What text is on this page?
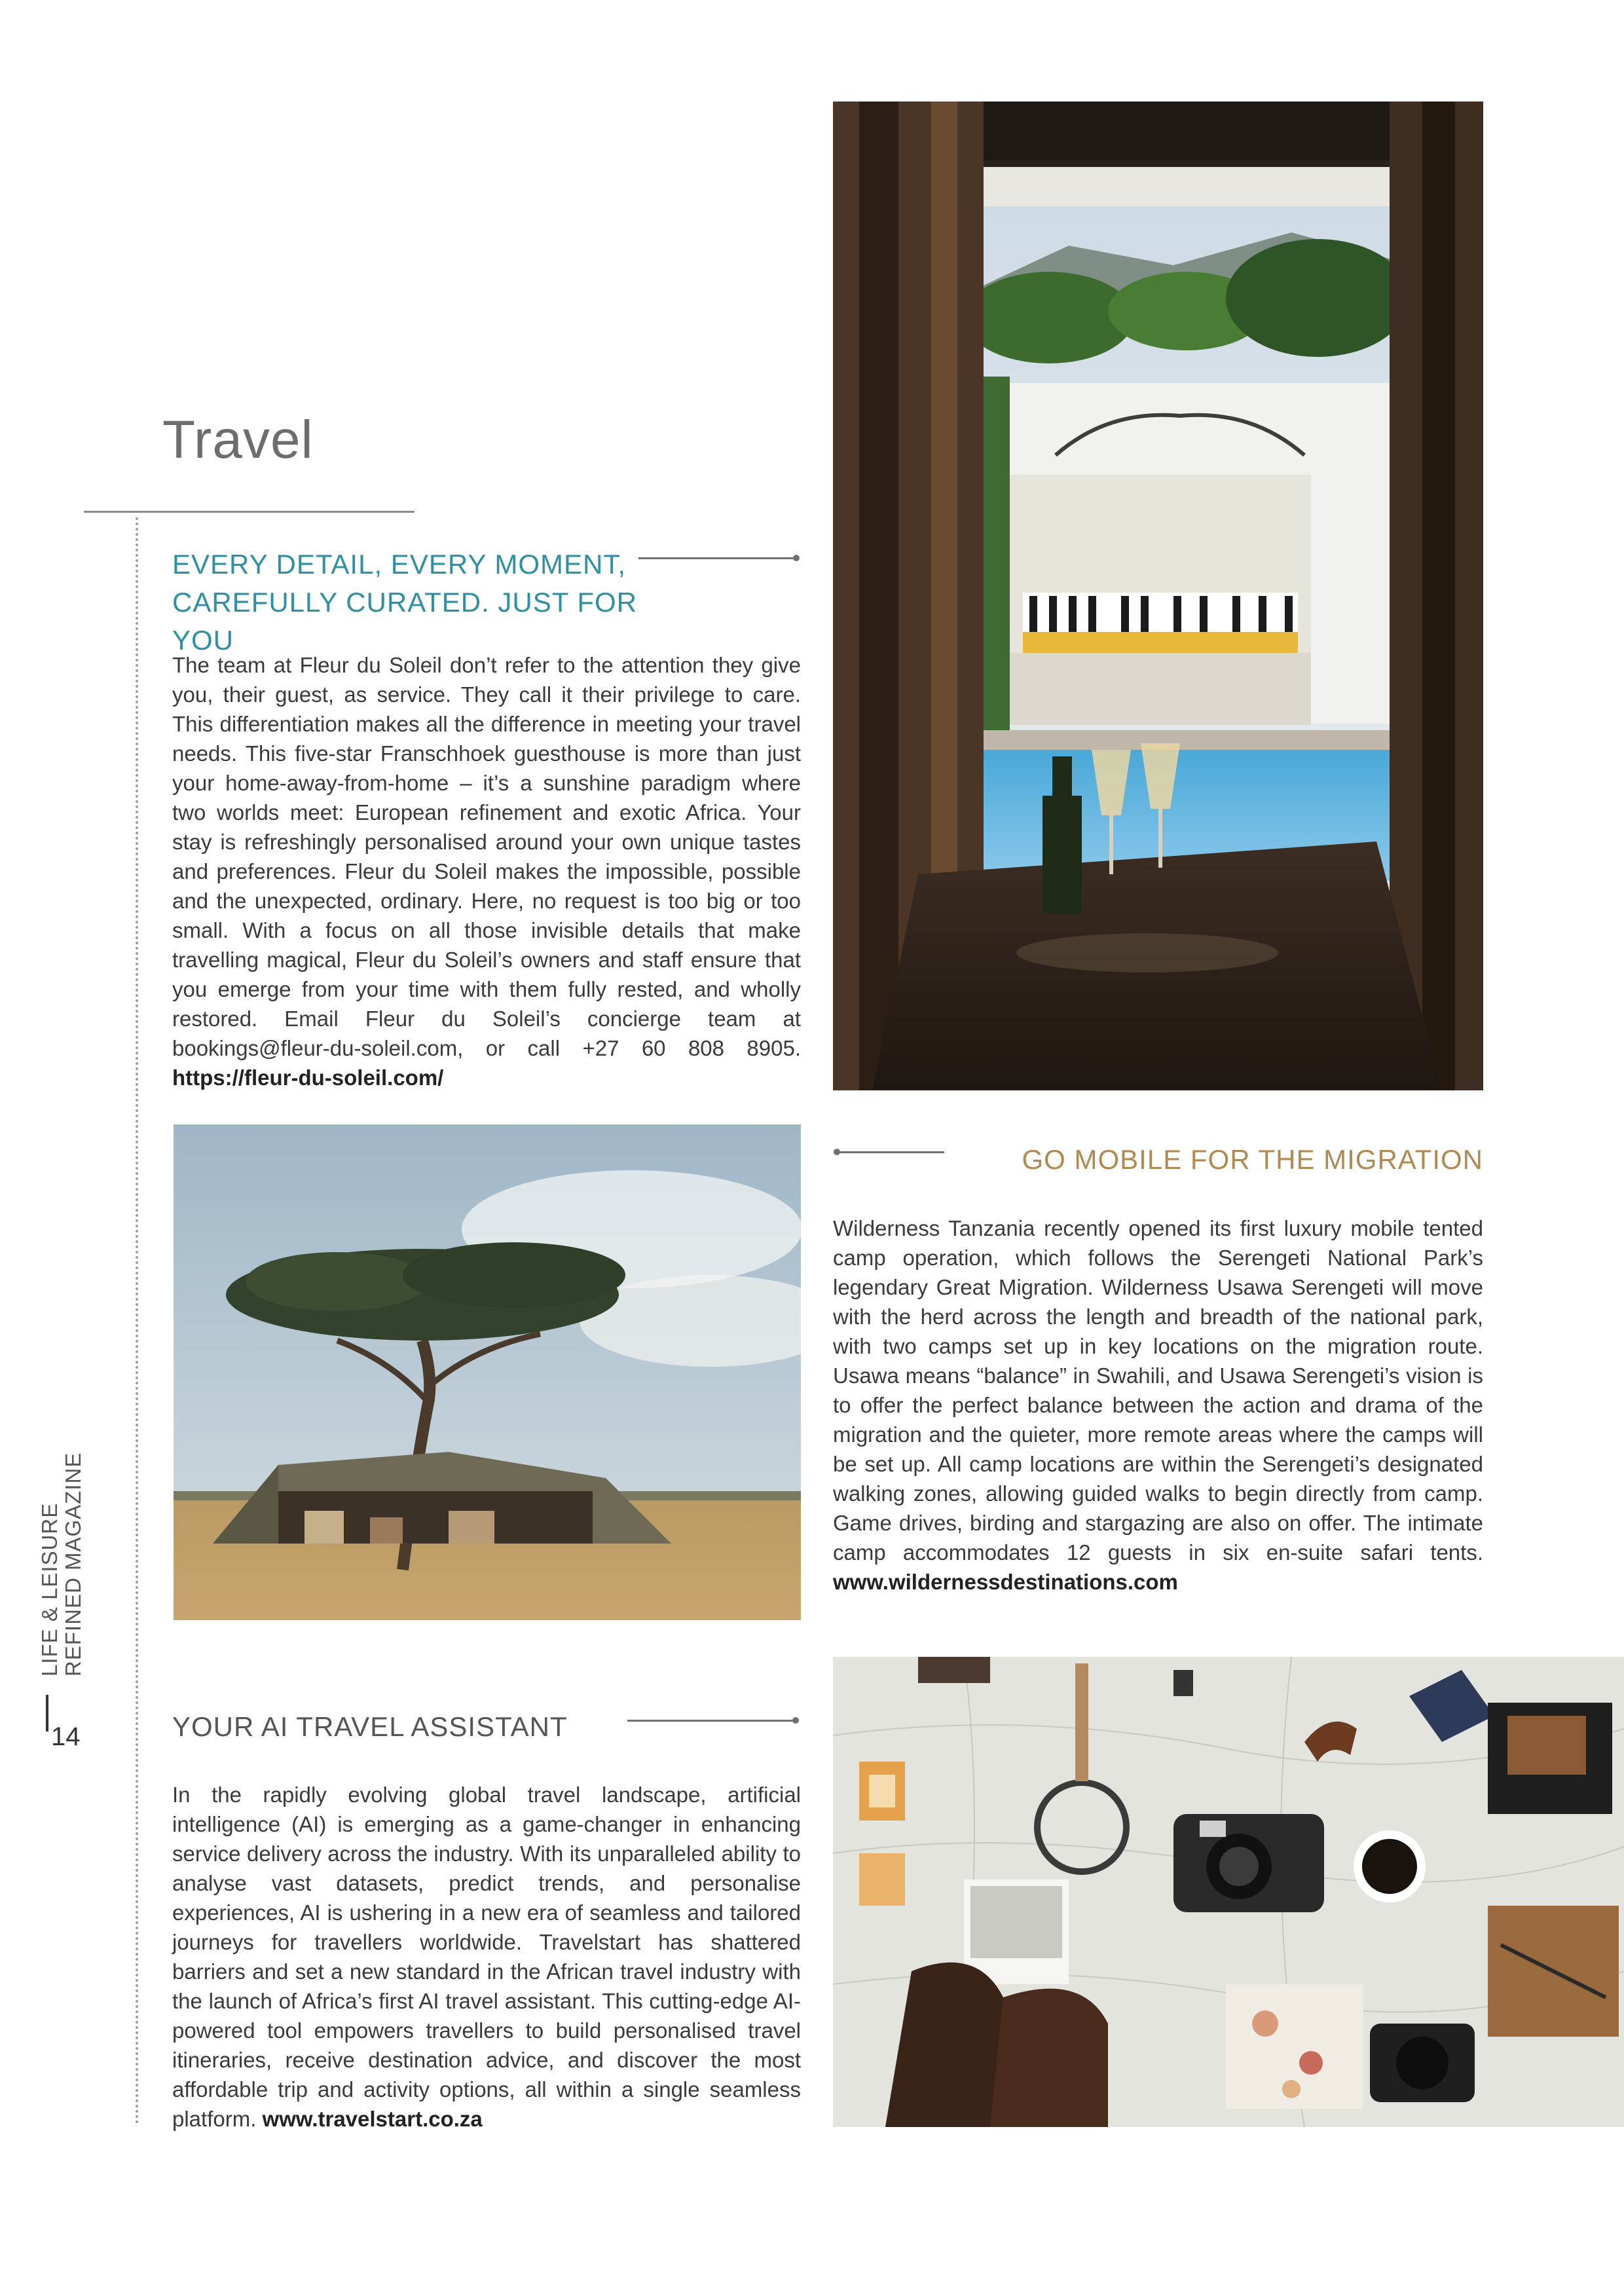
Travel
EVERY DETAIL, EVERY MOMENT,
CAREFULLY CURATED. JUST FOR YOU
The team at Fleur du Soleil don’t refer to the attention they give you, their guest, as service. They call it their privilege to care. This differentiation makes all the difference in meeting your travel needs. This five-star Franschhoek guesthouse is more than just your home-away-from-home – it’s a sunshine paradigm where two worlds meet: European refinement and exotic Africa. Your stay is refreshingly personalised around your own unique tastes and preferences. Fleur du Soleil makes the impossible, possible and the unexpected, ordinary. Here, no request is too big or too small. With a focus on all those invisible details that make travelling magical, Fleur du Soleil’s owners and staff ensure that you emerge from your time with them fully rested, and wholly restored. Email Fleur du Soleil’s concierge team at bookings@fleur-du-soleil.com, or call +27 60 808 8905. https://fleur-du-soleil.com/
GO MOBILE FOR THE MIGRATION
Wilderness Tanzania recently opened its first luxury mobile tented camp operation, which follows the Serengeti National Park’s legendary Great Migration. Wilderness Usawa Serengeti will move with the herd across the length and breadth of the national park, with two camps set up in key locations on the migration route. Usawa means “balance” in Swahili, and Usawa Serengeti’s vision is to offer the perfect balance between the action and drama of the migration and the quieter, more remote areas where the camps will be set up. All camp locations are within the Serengeti’s designated walking zones, allowing guided walks to begin directly from camp. Game drives, birding and stargazing are also on offer. The intimate camp accommodates 12 guests in six en-suite safari tents. www.wildernessdestinations.com
YOUR AI TRAVEL ASSISTANT
In the rapidly evolving global travel landscape, artificial intelligence (AI) is emerging as a game-changer in enhancing service delivery across the industry. With its unparalleled ability to analyse vast datasets, predict trends, and personalise experiences, AI is ushering in a new era of seamless and tailored journeys for travellers worldwide. Travelstart has shattered barriers and set a new standard in the African travel industry with the launch of Africa’s first AI travel assistant. This cutting-edge AI-powered tool empowers travellers to build personalised travel itineraries, receive destination advice, and discover the most affordable trip and activity options, all within a single seamless platform. www.travelstart.co.za
LIFE & LEISURE REFINED MAGAZINE
14
